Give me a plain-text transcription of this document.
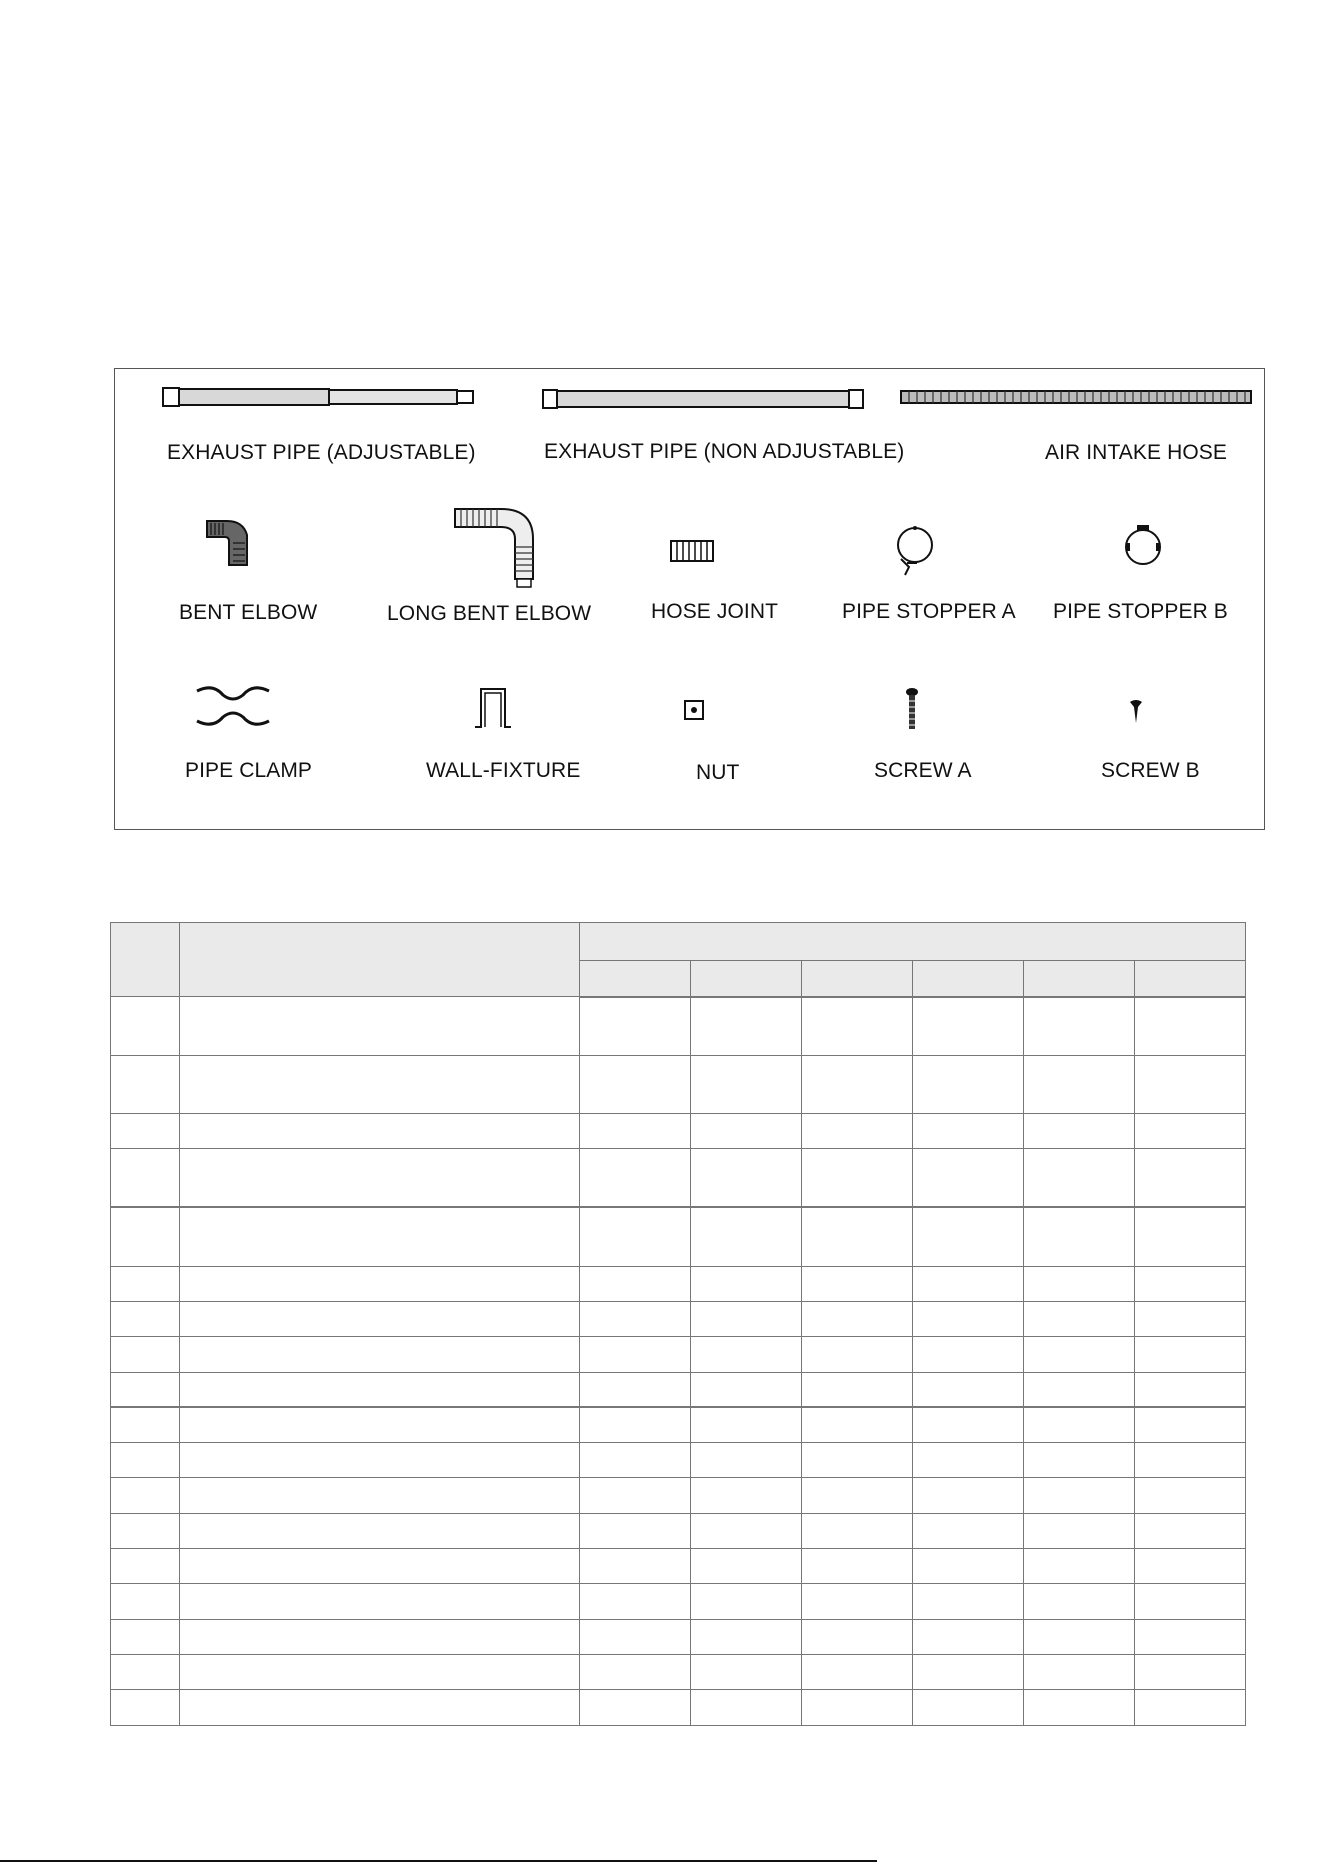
EXHAUST PIPE (ADJUSTABLE)	EXHAUST PIPE (NON ADJUSTABLE)	AIR INTAKE HOSE
BENT ELBOW	LONG BENT ELBOW	HOSE JOINT	PIPE STOPPER A PIPE STOPPER B
PIPE CLAMP	WALL-FIXTURE	NUT	SCREW A	SCREW B
